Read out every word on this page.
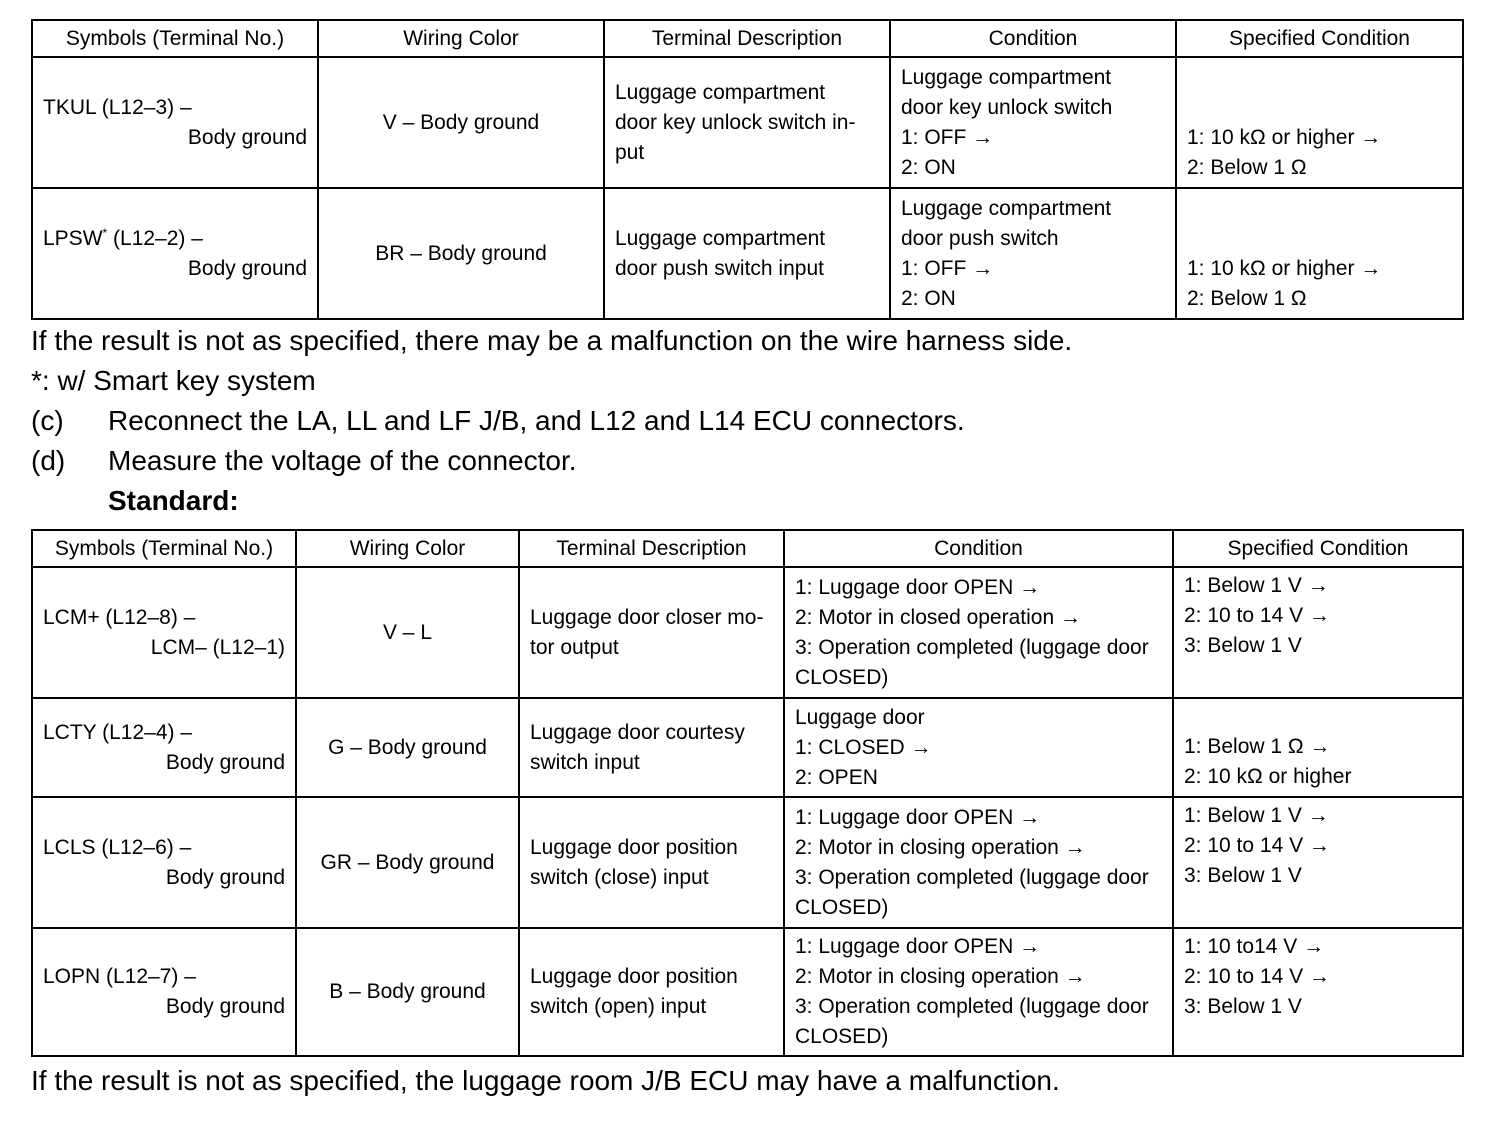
Symbols (Terminal No.)	Wiring Color	Terminal Description	Condition	Specified Condition

TKUL (L12–3) –
Body ground	V – Body ground	Luggage compartment
door key unlock switch in-
put	Luggage compartment
door key unlock switch
1: OFF →
2: ON	1: 10 kΩ or higher →
2: Below 1 Ω

LPSW* (L12–2) –
Body ground	BR – Body ground	Luggage compartment
door push switch input	Luggage compartment
door push switch
1: OFF →
2: ON	1: 10 kΩ or higher →
2: Below 1 Ω

If the result is not as specified, there may be a malfunction on the wire harness side.

*: w/ Smart key system

(c) Reconnect the LA, LL and LF J/B, and L12 and L14 ECU connectors.

(d) Measure the voltage of the connector.

Standard:

Symbols (Terminal No.)	Wiring Color	Terminal Description	Condition	Specified Condition

LCM+ (L12–8) –
LCM– (L12–1)	V – L	Luggage door closer mo-
tor output	1: Luggage door OPEN →
2: Motor in closed operation →
3: Operation completed (luggage door
CLOSED)	1: Below 1 V →
2: 10 to 14 V →
3: Below 1 V

LCTY (L12–4) –
Body ground	G – Body ground	Luggage door courtesy
switch input	Luggage door
1: CLOSED →
2: OPEN	1: Below 1 Ω →
2: 10 kΩ or higher

LCLS (L12–6) –
Body ground	GR – Body ground	Luggage door position
switch (close) input	1: Luggage door OPEN →
2: Motor in closing operation →
3: Operation completed (luggage door
CLOSED)	1: Below 1 V →
2: 10 to 14 V →
3: Below 1 V

LOPN (L12–7) –
Body ground	B – Body ground	Luggage door position
switch (open) input	1: Luggage door OPEN →
2: Motor in closing operation →
3: Operation completed (luggage door
CLOSED)	1: 10 to14 V →
2: 10 to 14 V →
3: Below 1 V

If the result is not as specified, the luggage room J/B ECU may have a malfunction.
